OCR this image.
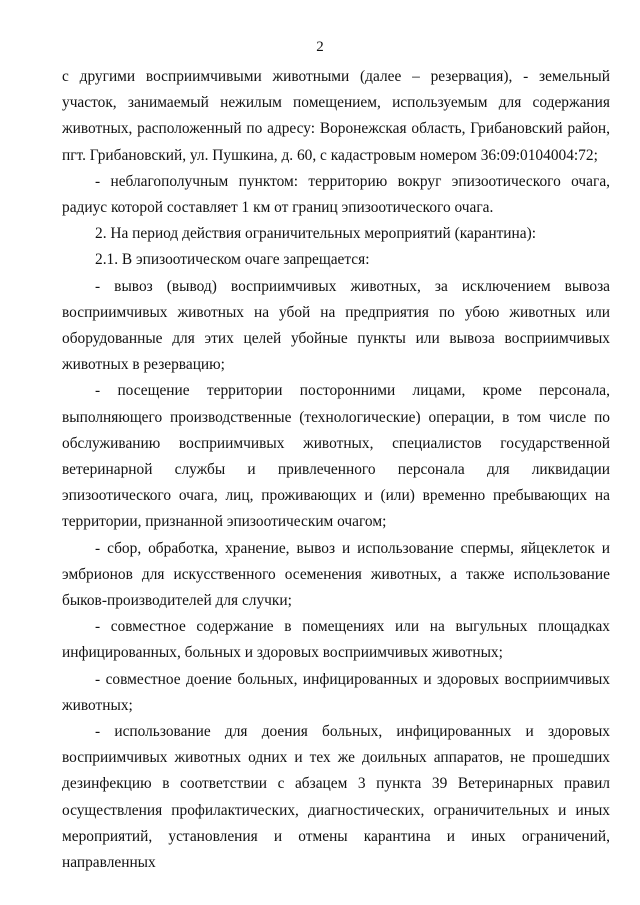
2

с другими восприимчивыми животными (далее – резервация), - земельный участок, занимаемый нежилым помещением, используемым для содержания животных, расположенный по адресу: Воронежская область, Грибановский район, пгт. Грибановский, ул. Пушкина, д. 60, с кадастровым номером 36:09:0104004:72;

- неблагополучным пунктом: территорию вокруг эпизоотического очага, радиус которой составляет 1 км от границ эпизоотического очага.

2. На период действия ограничительных мероприятий (карантина):

2.1. В эпизоотическом очаге запрещается:

- вывоз (вывод) восприимчивых животных, за исключением вывоза восприимчивых животных на убой на предприятия по убою животных или оборудованные для этих целей убойные пункты или вывоза восприимчивых животных в резервацию;

- посещение территории посторонними лицами, кроме персонала, выполняющего производственные (технологические) операции, в том числе по обслуживанию восприимчивых животных, специалистов государственной ветеринарной службы и привлеченного персонала для ликвидации эпизоотического очага, лиц, проживающих и (или) временно пребывающих на территории, признанной эпизоотическим очагом;

- сбор, обработка, хранение, вывоз и использование спермы, яйцеклеток и эмбрионов для искусственного осеменения животных, а также использование быков-производителей для случки;

- совместное содержание в помещениях или на выгульных площадках инфицированных, больных и здоровых восприимчивых животных;

- совместное доение больных, инфицированных и здоровых восприимчивых животных;

- использование для доения больных, инфицированных и здоровых восприимчивых животных одних и тех же доильных аппаратов, не прошедших дезинфекцию в соответствии с абзацем 3 пункта 39 Ветеринарных правил осуществления профилактических, диагностических, ограничительных и иных мероприятий, установления и отмены карантина и иных ограничений, направленных
